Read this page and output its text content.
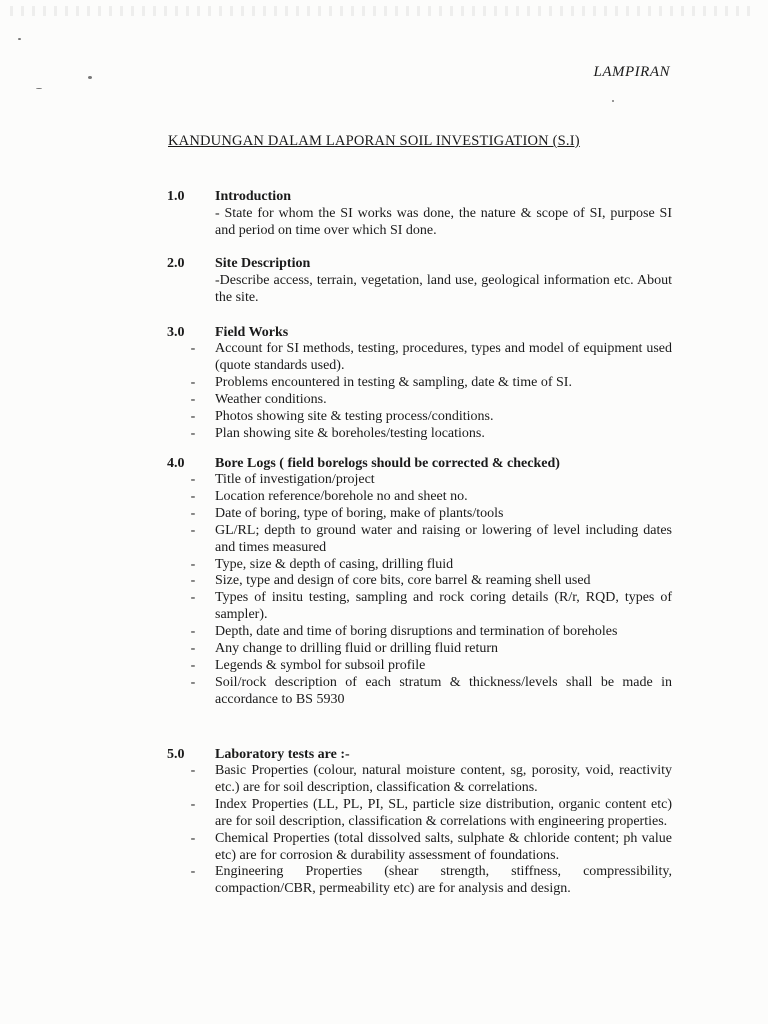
LAMPIRAN
KANDUNGAN DALAM LAPORAN SOIL INVESTIGATION (S.I)
1.0	Introduction
- State for whom the SI works was done, the nature & scope of SI, purpose SI and period on time over which SI done.
2.0	Site Description
-Describe access, terrain, vegetation, land use, geological information etc. About the site.
3.0	Field Works
-	Account for SI methods, testing, procedures, types and model of equipment used (quote standards used).
-	Problems encountered in testing & sampling, date & time of SI.
-	Weather conditions.
-	Photos showing site & testing process/conditions.
-	Plan showing site & boreholes/testing locations.
4.0	Bore Logs ( field borelogs should be corrected & checked)
-	Title of investigation/project
-	Location reference/borehole no and sheet no.
-	Date of boring, type of boring, make of plants/tools
-	GL/RL; depth to ground water and raising or lowering of level including dates and times measured
-	Type, size & depth of casing, drilling fluid
-	Size, type and design of core bits, core barrel & reaming shell used
-	Types of insitu testing, sampling and rock coring details (R/r, RQD, types of sampler).
-	Depth, date and time of boring disruptions and termination of boreholes
-	Any change to drilling fluid or drilling fluid return
-	Legends & symbol for subsoil profile
-	Soil/rock description of each stratum & thickness/levels shall be made in accordance to BS 5930
5.0	Laboratory tests are :-
-	Basic Properties (colour, natural moisture content, sg, porosity, void, reactivity etc.) are for soil description, classification & correlations.
-	Index Properties (LL, PL, PI, SL, particle size distribution, organic content etc) are for soil description, classification & correlations with engineering properties.
-	Chemical Properties (total dissolved salts, sulphate & chloride content; ph value etc) are for corrosion & durability assessment of foundations.
-	Engineering Properties (shear strength, stiffness, compressibility, compaction/CBR, permeability etc) are for analysis and design.
